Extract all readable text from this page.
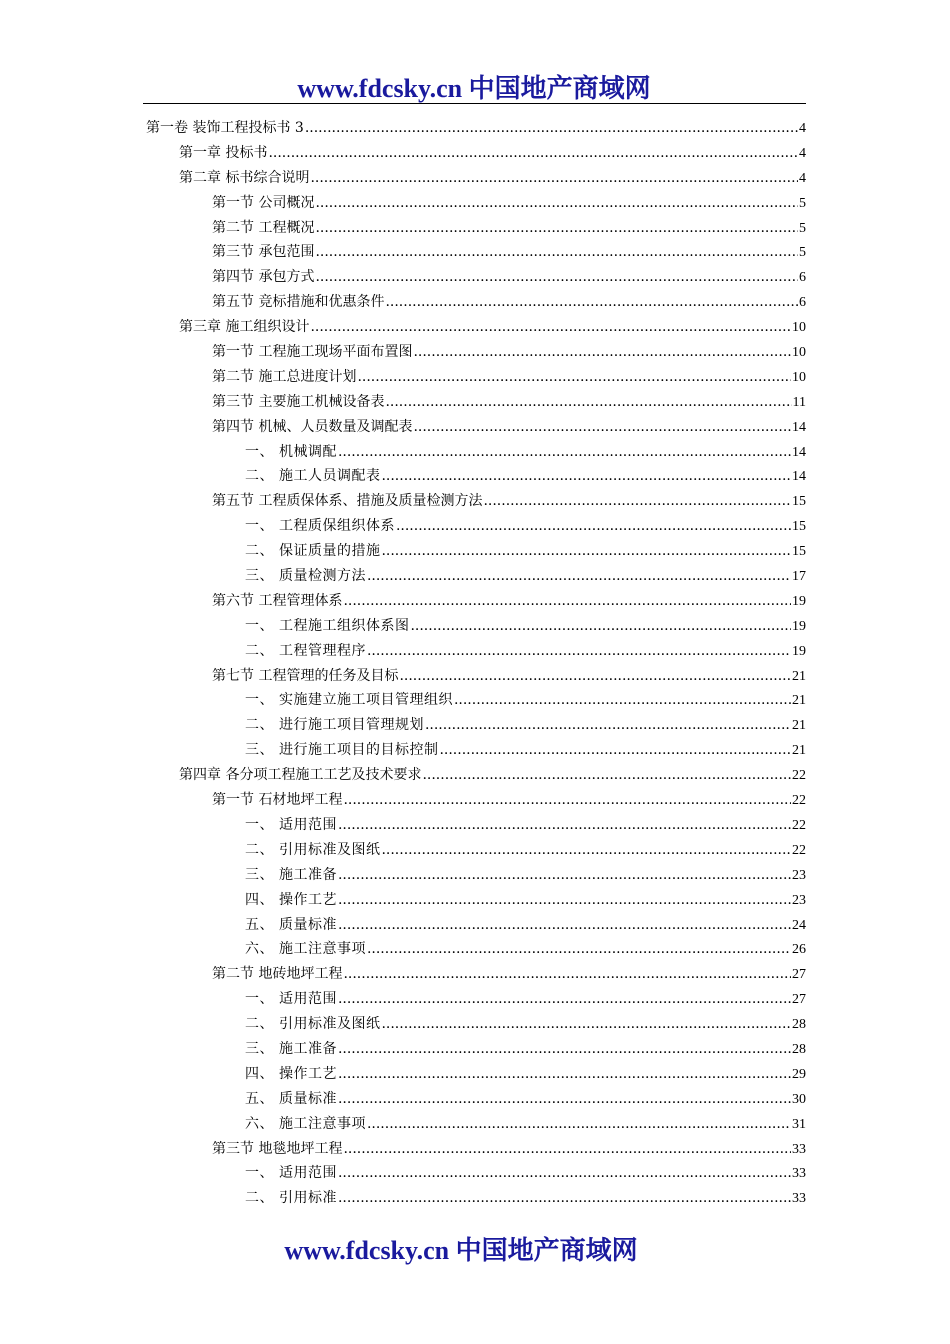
www.fdcsky.cn 中国地产商域网
第一卷 装饰工程投标书 3 .....	4
第一章 投标书 .....	4
第二章 标书综合说明 .....	4
第一节 公司概况 .....	5
第二节 工程概况 .....	5
第三节 承包范围 .....	5
第四节 承包方式 .....	6
第五节 竞标措施和优惠条件 .....	6
第三章 施工组织设计 .....	10
第一节 工程施工现场平面布置图 .....	10
第二节 施工总进度计划 .....	10
第三节 主要施工机械设备表 .....	11
第四节 机械、人员数量及调配表 .....	14
一、 机械调配 .....	14
二、 施工人员调配表 .....	14
第五节 工程质保体系、措施及质量检测方法 .....	15
一、 工程质保组织体系 .....	15
二、 保证质量的措施 .....	15
三、 质量检测方法 .....	17
第六节 工程管理体系 .....	19
一、 工程施工组织体系图 .....	19
二、 工程管理程序 .....	19
第七节 工程管理的任务及目标 .....	21
一、 实施建立施工项目管理组织 .....	21
二、 进行施工项目管理规划 .....	21
三、 进行施工项目的目标控制 .....	21
第四章 各分项工程施工工艺及技术要求 .....	22
第一节 石材地坪工程 .....	22
一、 适用范围 .....	22
二、 引用标准及图纸 .....	22
三、 施工准备 .....	23
四、 操作工艺 .....	23
五、 质量标准 .....	24
六、 施工注意事项 .....	26
第二节 地砖地坪工程 .....	27
一、 适用范围 .....	27
二、 引用标准及图纸 .....	28
三、 施工准备 .....	28
四、 操作工艺 .....	29
五、 质量标准 .....	30
六、 施工注意事项 .....	31
第三节 地毯地坪工程 .....	33
一、 适用范围 .....	33
二、 引用标准 .....	33
www.fdcsky.cn 中国地产商域网
